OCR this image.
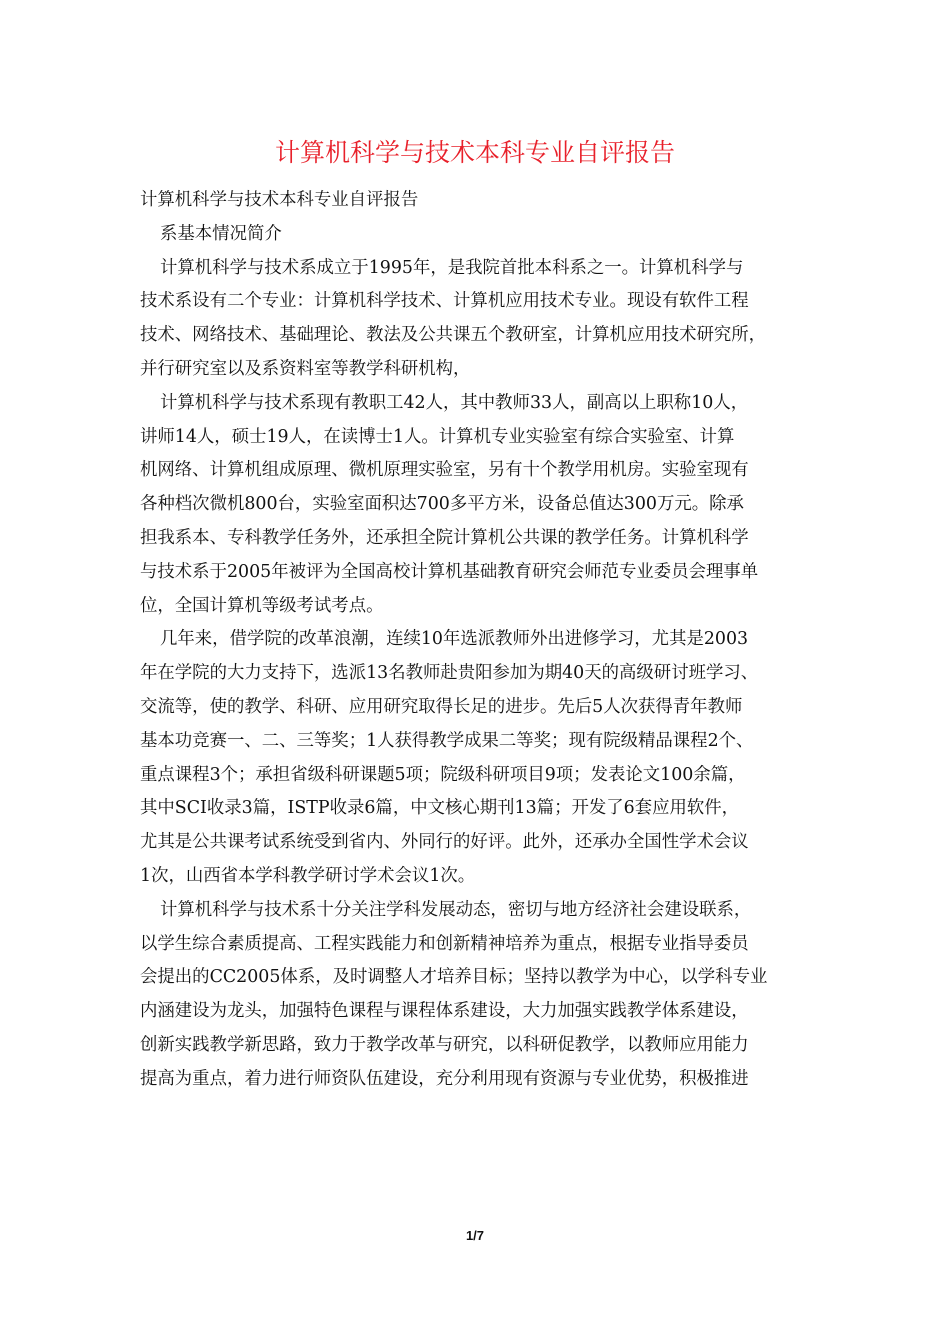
计算机科学与技术本科专业自评报告

计算机科学与技术本科专业自评报告

系基本情况简介

计算机科学与技术系成立于1995年，是我院首批本科系之一。计算机科学与
技术系设有二个专业：计算机科学技术、计算机应用技术专业。现设有软件工程
技术、网络技术、基础理论、教法及公共课五个教研室，计算机应用技术研究所，
并行研究室以及系资料室等教学科研机构，

计算机科学与技术系现有教职工42人，其中教师33人，副高以上职称10人，
讲师14人，硕士19人，在读博士1人。计算机专业实验室有综合实验室、计算
机网络、计算机组成原理、微机原理实验室，另有十个教学用机房。实验室现有
各种档次微机800台，实验室面积达700多平方米，设备总值达300万元。除承
担我系本、专科教学任务外，还承担全院计算机公共课的教学任务。计算机科学
与技术系于2005年被评为全国高校计算机基础教育研究会师范专业委员会理事单
位，全国计算机等级考试考点。

几年来，借学院的改革浪潮，连续10年选派教师外出进修学习，尤其是2003
年在学院的大力支持下，选派13名教师赴贵阳参加为期40天的高级研讨班学习、
交流等，使的教学、科研、应用研究取得长足的进步。先后5人次获得青年教师
基本功竞赛一、二、三等奖；1人获得教学成果二等奖；现有院级精品课程2个、
重点课程3个；承担省级科研课题5项；院级科研项目9项；发表论文100余篇，
其中SCI收录3篇，ISTP收录6篇，中文核心期刊13篇；开发了6套应用软件，
尤其是公共课考试系统受到省内、外同行的好评。此外，还承办全国性学术会议
1次，山西省本学科教学研讨学术会议1次。

计算机科学与技术系十分关注学科发展动态，密切与地方经济社会建设联系，
以学生综合素质提高、工程实践能力和创新精神培养为重点，根据专业指导委员
会提出的CC2005体系，及时调整人才培养目标；坚持以教学为中心，以学科专业
内涵建设为龙头，加强特色课程与课程体系建设，大力加强实践教学体系建设，
创新实践教学新思路，致力于教学改革与研究，以科研促教学，以教师应用能力
提高为重点，着力进行师资队伍建设，充分利用现有资源与专业优势，积极推进

1/7
